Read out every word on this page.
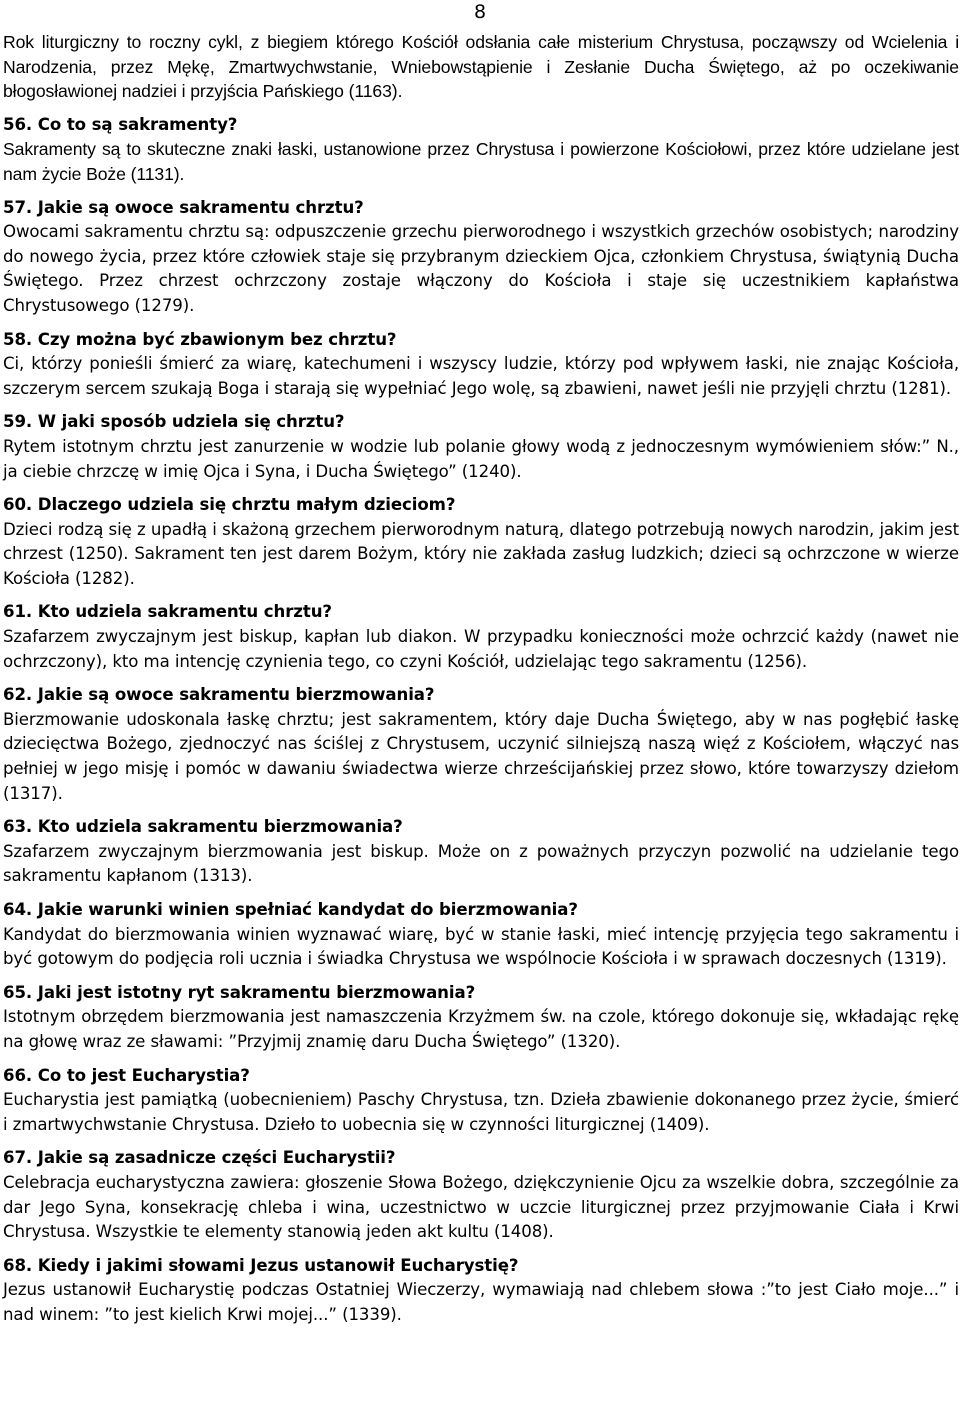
8

Rok liturgiczny to roczny cykl, z biegiem którego Kościół odsłania całe misterium Chrystusa, począwszy od Wcielenia i Narodzenia, przez Mękę, Zmartwychwstanie, Wniebowstąpienie i Zesłanie Ducha Świętego, aż po oczekiwanie błogosławionej nadziei i przyjścia Pańskiego (1163).

56. Co to są sakramenty?

Sakramenty są to skuteczne znaki łaski, ustanowione przez Chrystusa i powierzone Kościołowi, przez które udzielane jest nam życie Boże (1131).

57. Jakie są owoce sakramentu chrztu?

Owocami sakramentu chrztu są: odpuszczenie grzechu pierworodnego i wszystkich grzechów osobistych; narodziny do nowego życia, przez które człowiek staje się przybranym dzieckiem Ojca, członkiem Chrystusa, świątynią Ducha Świętego. Przez chrzest ochrzczony zostaje włączony do Kościoła i staje się uczestnikiem kapłaństwa Chrystusowego (1279).

58. Czy można być zbawionym bez chrztu?

Ci, którzy ponieśli śmierć za wiarę, katechumeni i wszyscy ludzie, którzy pod wpływem łaski, nie znając Kościoła, szczerym sercem szukają Boga i starają się wypełniać Jego wolę, są zbawieni, nawet jeśli nie przyjęli chrztu (1281).

59. W jaki sposób udziela się chrztu?

Rytem istotnym chrztu jest zanurzenie w wodzie lub polanie głowy wodą z jednoczesnym wymówieniem słów:” N., ja ciebie chrzczę w imię Ojca i Syna, i Ducha Świętego” (1240).

60. Dlaczego udziela się chrztu małym dzieciom?

Dzieci rodzą się z upadłą i skażoną grzechem pierworodnym naturą, dlatego potrzebują nowych narodzin, jakim jest chrzest (1250). Sakrament ten jest darem Bożym, który nie zakłada zasług ludzkich; dzieci są ochrzczone w wierze Kościoła (1282).

61. Kto udziela sakramentu chrztu?

Szafarzem zwyczajnym jest biskup, kapłan lub diakon. W przypadku konieczności może ochrzcić każdy (nawet nie ochrzczony), kto ma intencję czynienia tego, co czyni Kościół, udzielając tego sakramentu (1256).

62. Jakie są owoce sakramentu bierzmowania?

Bierzmowanie udoskonala łaskę chrztu; jest sakramentem, który daje Ducha Świętego, aby w nas pogłębić łaskę dziecięctwa Bożego, zjednoczyć nas ściślej z Chrystusem, uczynić silniejszą naszą więź z Kościołem, włączyć nas pełniej w jego misję i pomóc w dawaniu świadectwa wierze chrześcijańskiej przez słowo, które towarzyszy dziełom (1317).

63. Kto udziela sakramentu bierzmowania?

Szafarzem zwyczajnym bierzmowania jest biskup. Może on z poważnych przyczyn pozwolić na udzielanie tego sakramentu kapłanom (1313).

64. Jakie warunki winien spełniać kandydat do bierzmowania?

Kandydat do bierzmowania winien wyznawać wiarę, być w stanie łaski, mieć intencję przyjęcia tego sakramentu i być gotowym do podjęcia roli ucznia i świadka Chrystusa we wspólnocie Kościoła i w sprawach doczesnych (1319).

65. Jaki jest istotny ryt sakramentu bierzmowania?

Istotnym obrzędem bierzmowania jest namaszczenia Krzyżmem św. na czole, którego dokonuje się, wkładając rękę na głowę wraz ze sławami: ”Przyjmij znamię daru Ducha Świętego” (1320).

66. Co to jest Eucharystia?

Eucharystia jest pamiątką (uobecnieniem) Paschy Chrystusa, tzn. Dzieła zbawienie dokonanego przez życie, śmierć i zmartwychwstanie Chrystusa. Dzieło to uobecnia się w czynności liturgicznej (1409).

67. Jakie są zasadnicze części Eucharystii?

Celebracja eucharystyczna zawiera: głoszenie Słowa Bożego, dziękczynienie Ojcu za wszelkie dobra, szczególnie za dar Jego Syna, konsekrację chleba i wina, uczestnictwo w uczcie liturgicznej przez przyjmowanie Ciała i Krwi Chrystusa. Wszystkie te elementy stanowią jeden akt kultu (1408).

68. Kiedy i jakimi słowami Jezus ustanowił Eucharystię?

Jezus ustanowił Eucharystię podczas Ostatniej Wieczerzy, wymawiają nad chlebem słowa :”to jest Ciało moje...” i nad winem: ”to jest kielich Krwi mojej...” (1339).
